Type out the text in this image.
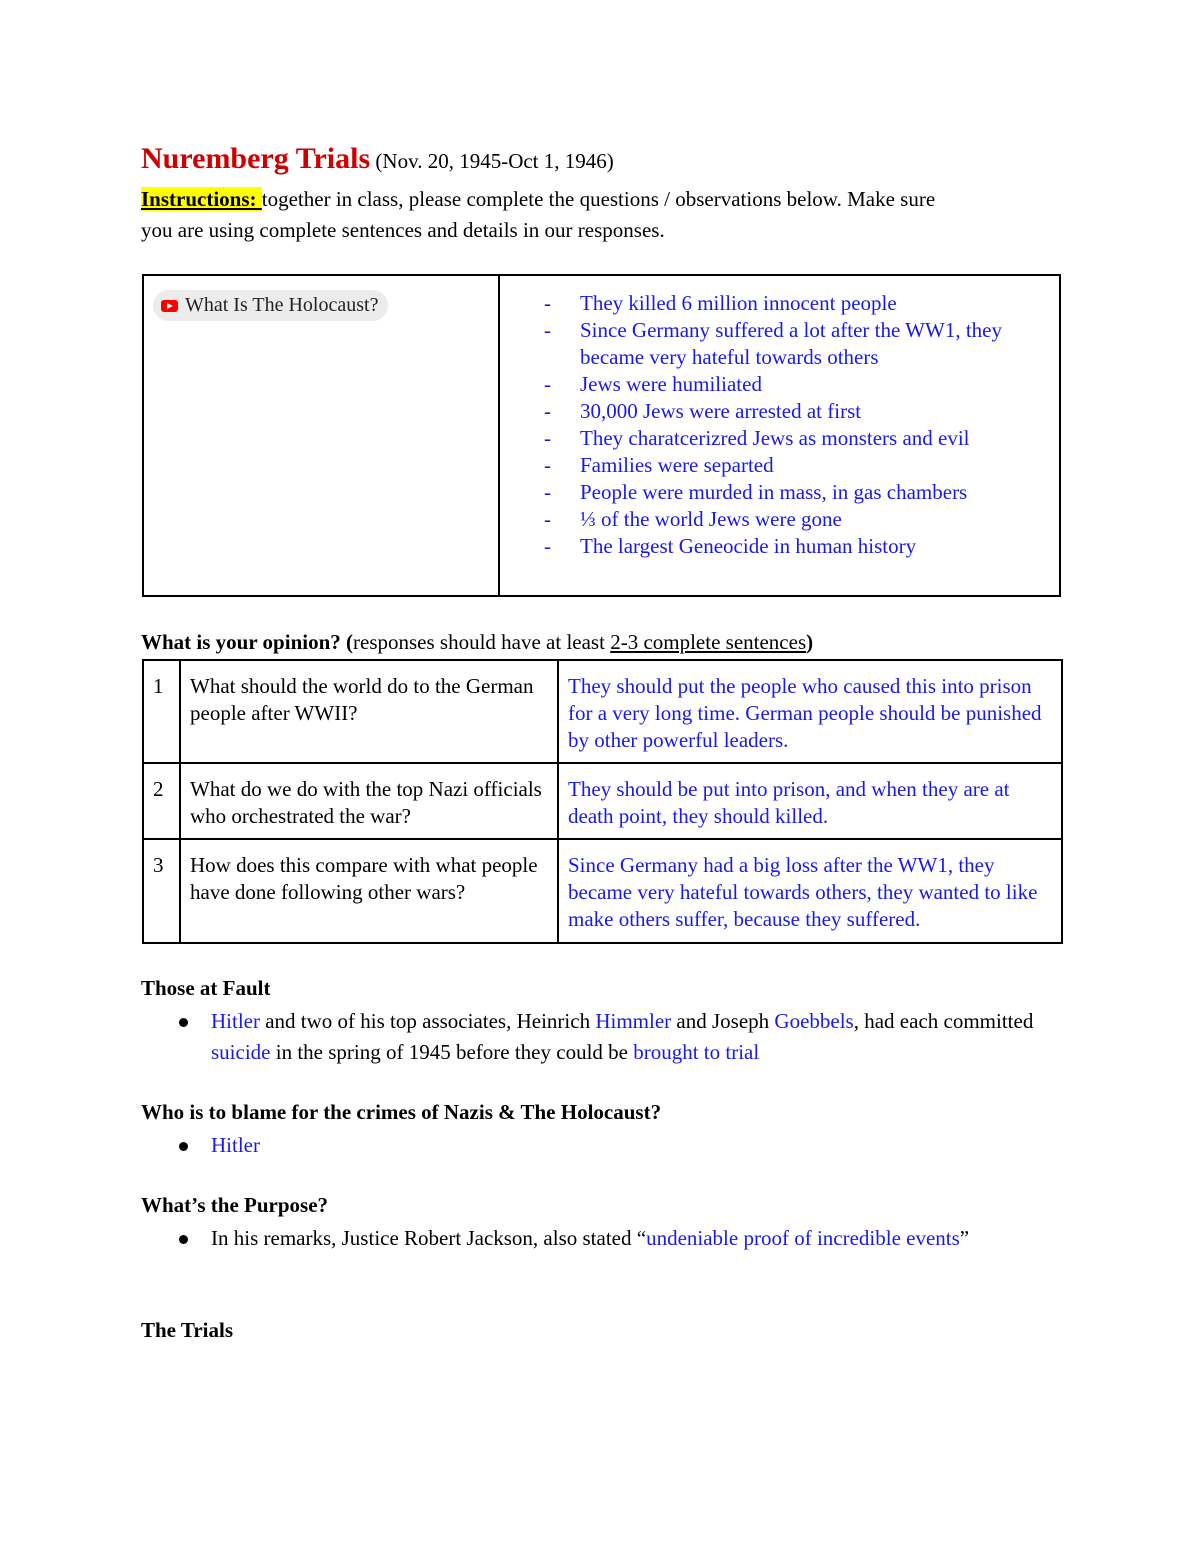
Nuremberg Trials (Nov. 20, 1945-Oct 1, 1946)
Instructions: together in class, please complete the questions / observations below. Make sure
you are using complete sentences and details in our responses.
What Is The Holocaust?	- They killed 6 million innocent people
- Since Germany suffered a lot after the WW1, they became very hateful towards others
- Jews were humiliated
- 30,000 Jews were arrested at first
- They charatcerizred Jews as monsters and evil
- Families were separted
- People were murded in mass, in gas chambers
- ⅓ of the world Jews were gone
- The largest Geneocide in human history
What is your opinion? (responses should have at least 2-3 complete sentences)
1	What should the world do to the German people after WWII?	They should put the people who caused this into prison for a very long time. German people should be punished by other powerful leaders.
2	What do we do with the top Nazi officials who orchestrated the war?	They should be put into prison, and when they are at death point, they should killed.
3	How does this compare with what people have done following other wars?	Since Germany had a big loss after the WW1, they became very hateful towards others, they wanted to like make others suffer, because they suffered.
Those at Fault
Hitler and two of his top associates, Heinrich Himmler and Joseph Goebbels, had each committed suicide in the spring of 1945 before they could be brought to trial
Who is to blame for the crimes of Nazis & The Holocaust?
Hitler
What’s the Purpose?
In his remarks, Justice Robert Jackson, also stated “undeniable proof of incredible events”
The Trials
